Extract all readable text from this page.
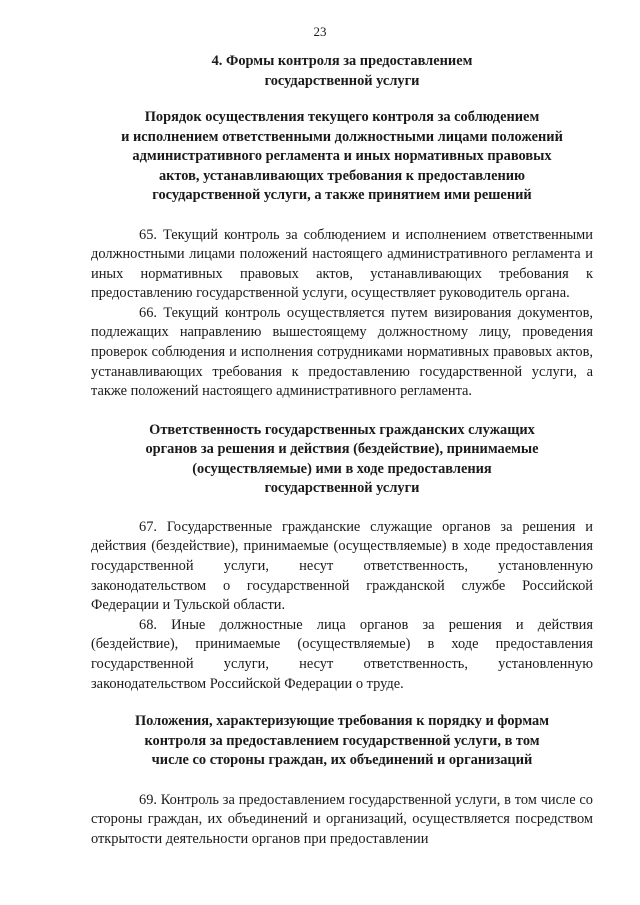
23
4. Формы контроля за предоставлением
государственной услуги
Порядок осуществления текущего контроля за соблюдением
и исполнением ответственными должностными лицами положений
административного регламента и иных нормативных правовых
актов, устанавливающих требования к предоставлению
государственной услуги, а также принятием ими решений

65. Текущий контроль за соблюдением и исполнением ответственными должностными лицами положений настоящего административного регламента и иных нормативных правовых актов, устанавливающих требования к предоставлению государственной услуги, осуществляет руководитель органа.

66. Текущий контроль осуществляется путем визирования документов, подлежащих направлению вышестоящему должностному лицу, проведения проверок соблюдения и исполнения сотрудниками нормативных правовых актов, устанавливающих требования к предоставлению государственной услуги, а также положений настоящего административного регламента.

Ответственность государственных гражданских служащих
органов за решения и действия (бездействие), принимаемые
(осуществляемые) ими в ходе предоставления
государственной услуги

67. Государственные гражданские служащие органов за решения и действия (бездействие), принимаемые (осуществляемые) в ходе предоставления государственной услуги, несут ответственность, установленную законодательством о государственной гражданской службе Российской Федерации и Тульской области.

68. Иные должностные лица органов за решения и действия (бездействие), принимаемые (осуществляемые) в ходе предоставления государственной услуги, несут ответственность, установленную законодательством Российской Федерации о труде.

Положения, характеризующие требования к порядку и формам
контроля за предоставлением государственной услуги, в том
числе со стороны граждан, их объединений и организаций

69. Контроль за предоставлением государственной услуги, в том числе со стороны граждан, их объединений и организаций, осуществляется посредством открытости деятельности органов при предоставлении
